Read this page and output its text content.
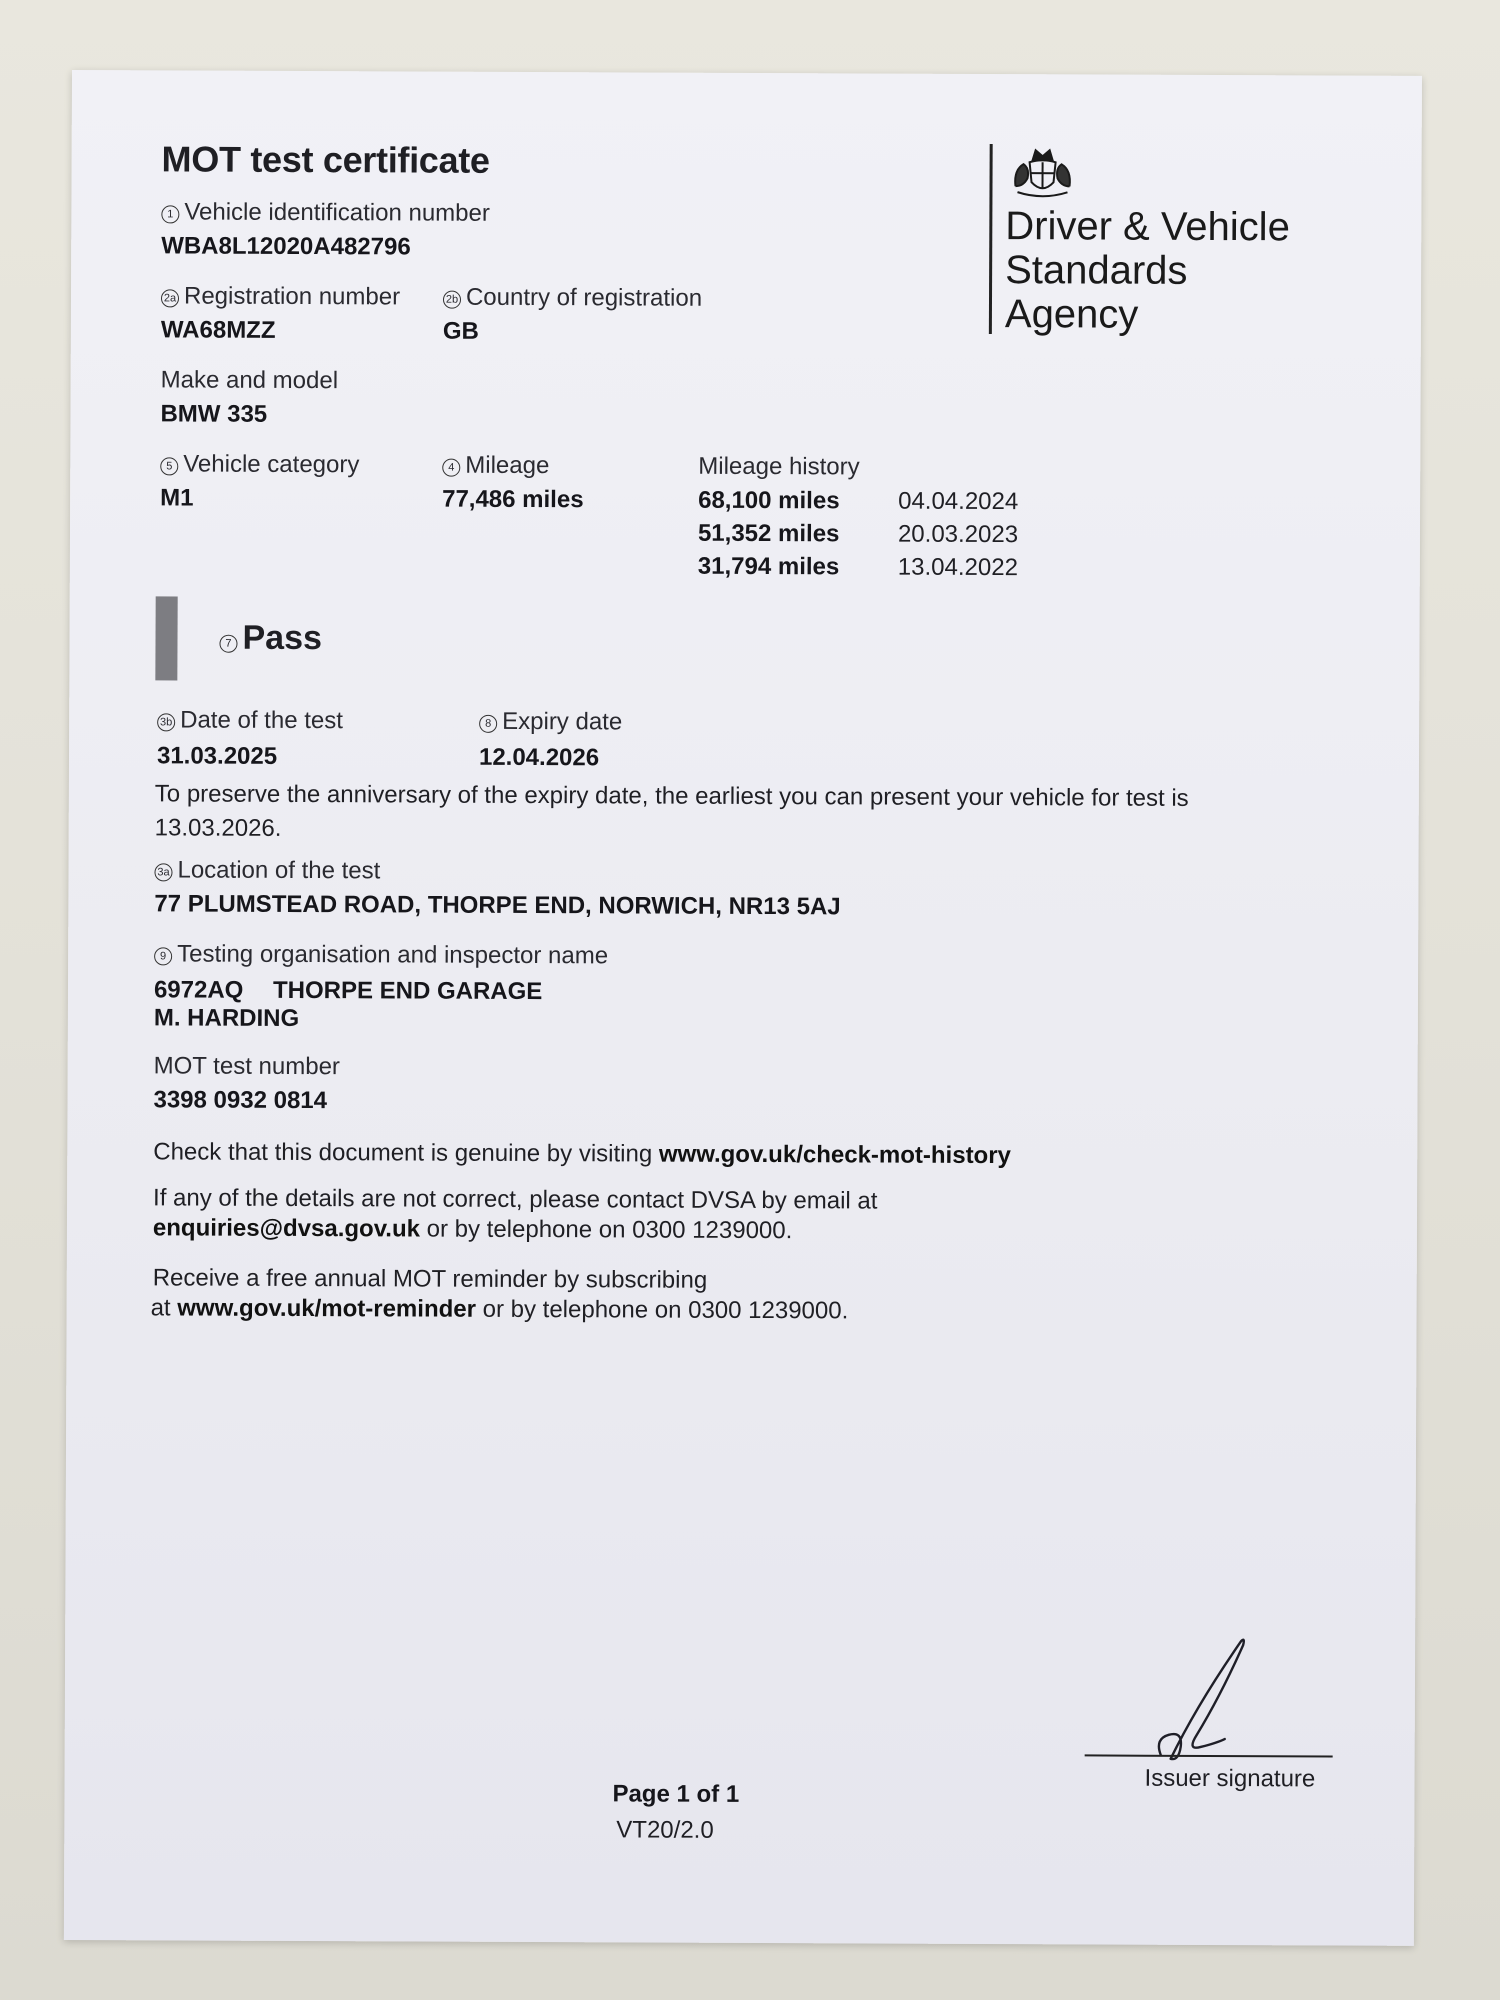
MOT test certificate
1 Vehicle identification number
WBA8L12020A482796
2a Registration number
WA68MZZ
2b Country of registration
GB
Make and model
BMW 335
5 Vehicle category
M1
4 Mileage
77,486 miles
Mileage history
68,100 miles 04.04.2024
51,352 miles 20.03.2023
31,794 miles 13.04.2022
7 Pass
3b Date of the test
31.03.2025
8 Expiry date
12.04.2026
To preserve the anniversary of the expiry date, the earliest you can present your vehicle for test is
13.03.2026.
3a Location of the test
77 PLUMSTEAD ROAD, THORPE END, NORWICH, NR13 5AJ
9 Testing organisation and inspector name
6972AQ THORPE END GARAGE
M. HARDING
MOT test number
3398 0932 0814
Check that this document is genuine by visiting www.gov.uk/check-mot-history
If any of the details are not correct, please contact DVSA by email at
enquiries@dvsa.gov.uk or by telephone on 0300 1239000.
Receive a free annual MOT reminder by subscribing
at www.gov.uk/mot-reminder or by telephone on 0300 1239000.
Driver & Vehicle Standards Agency
Issuer signature
Page 1 of 1
VT20/2.0
